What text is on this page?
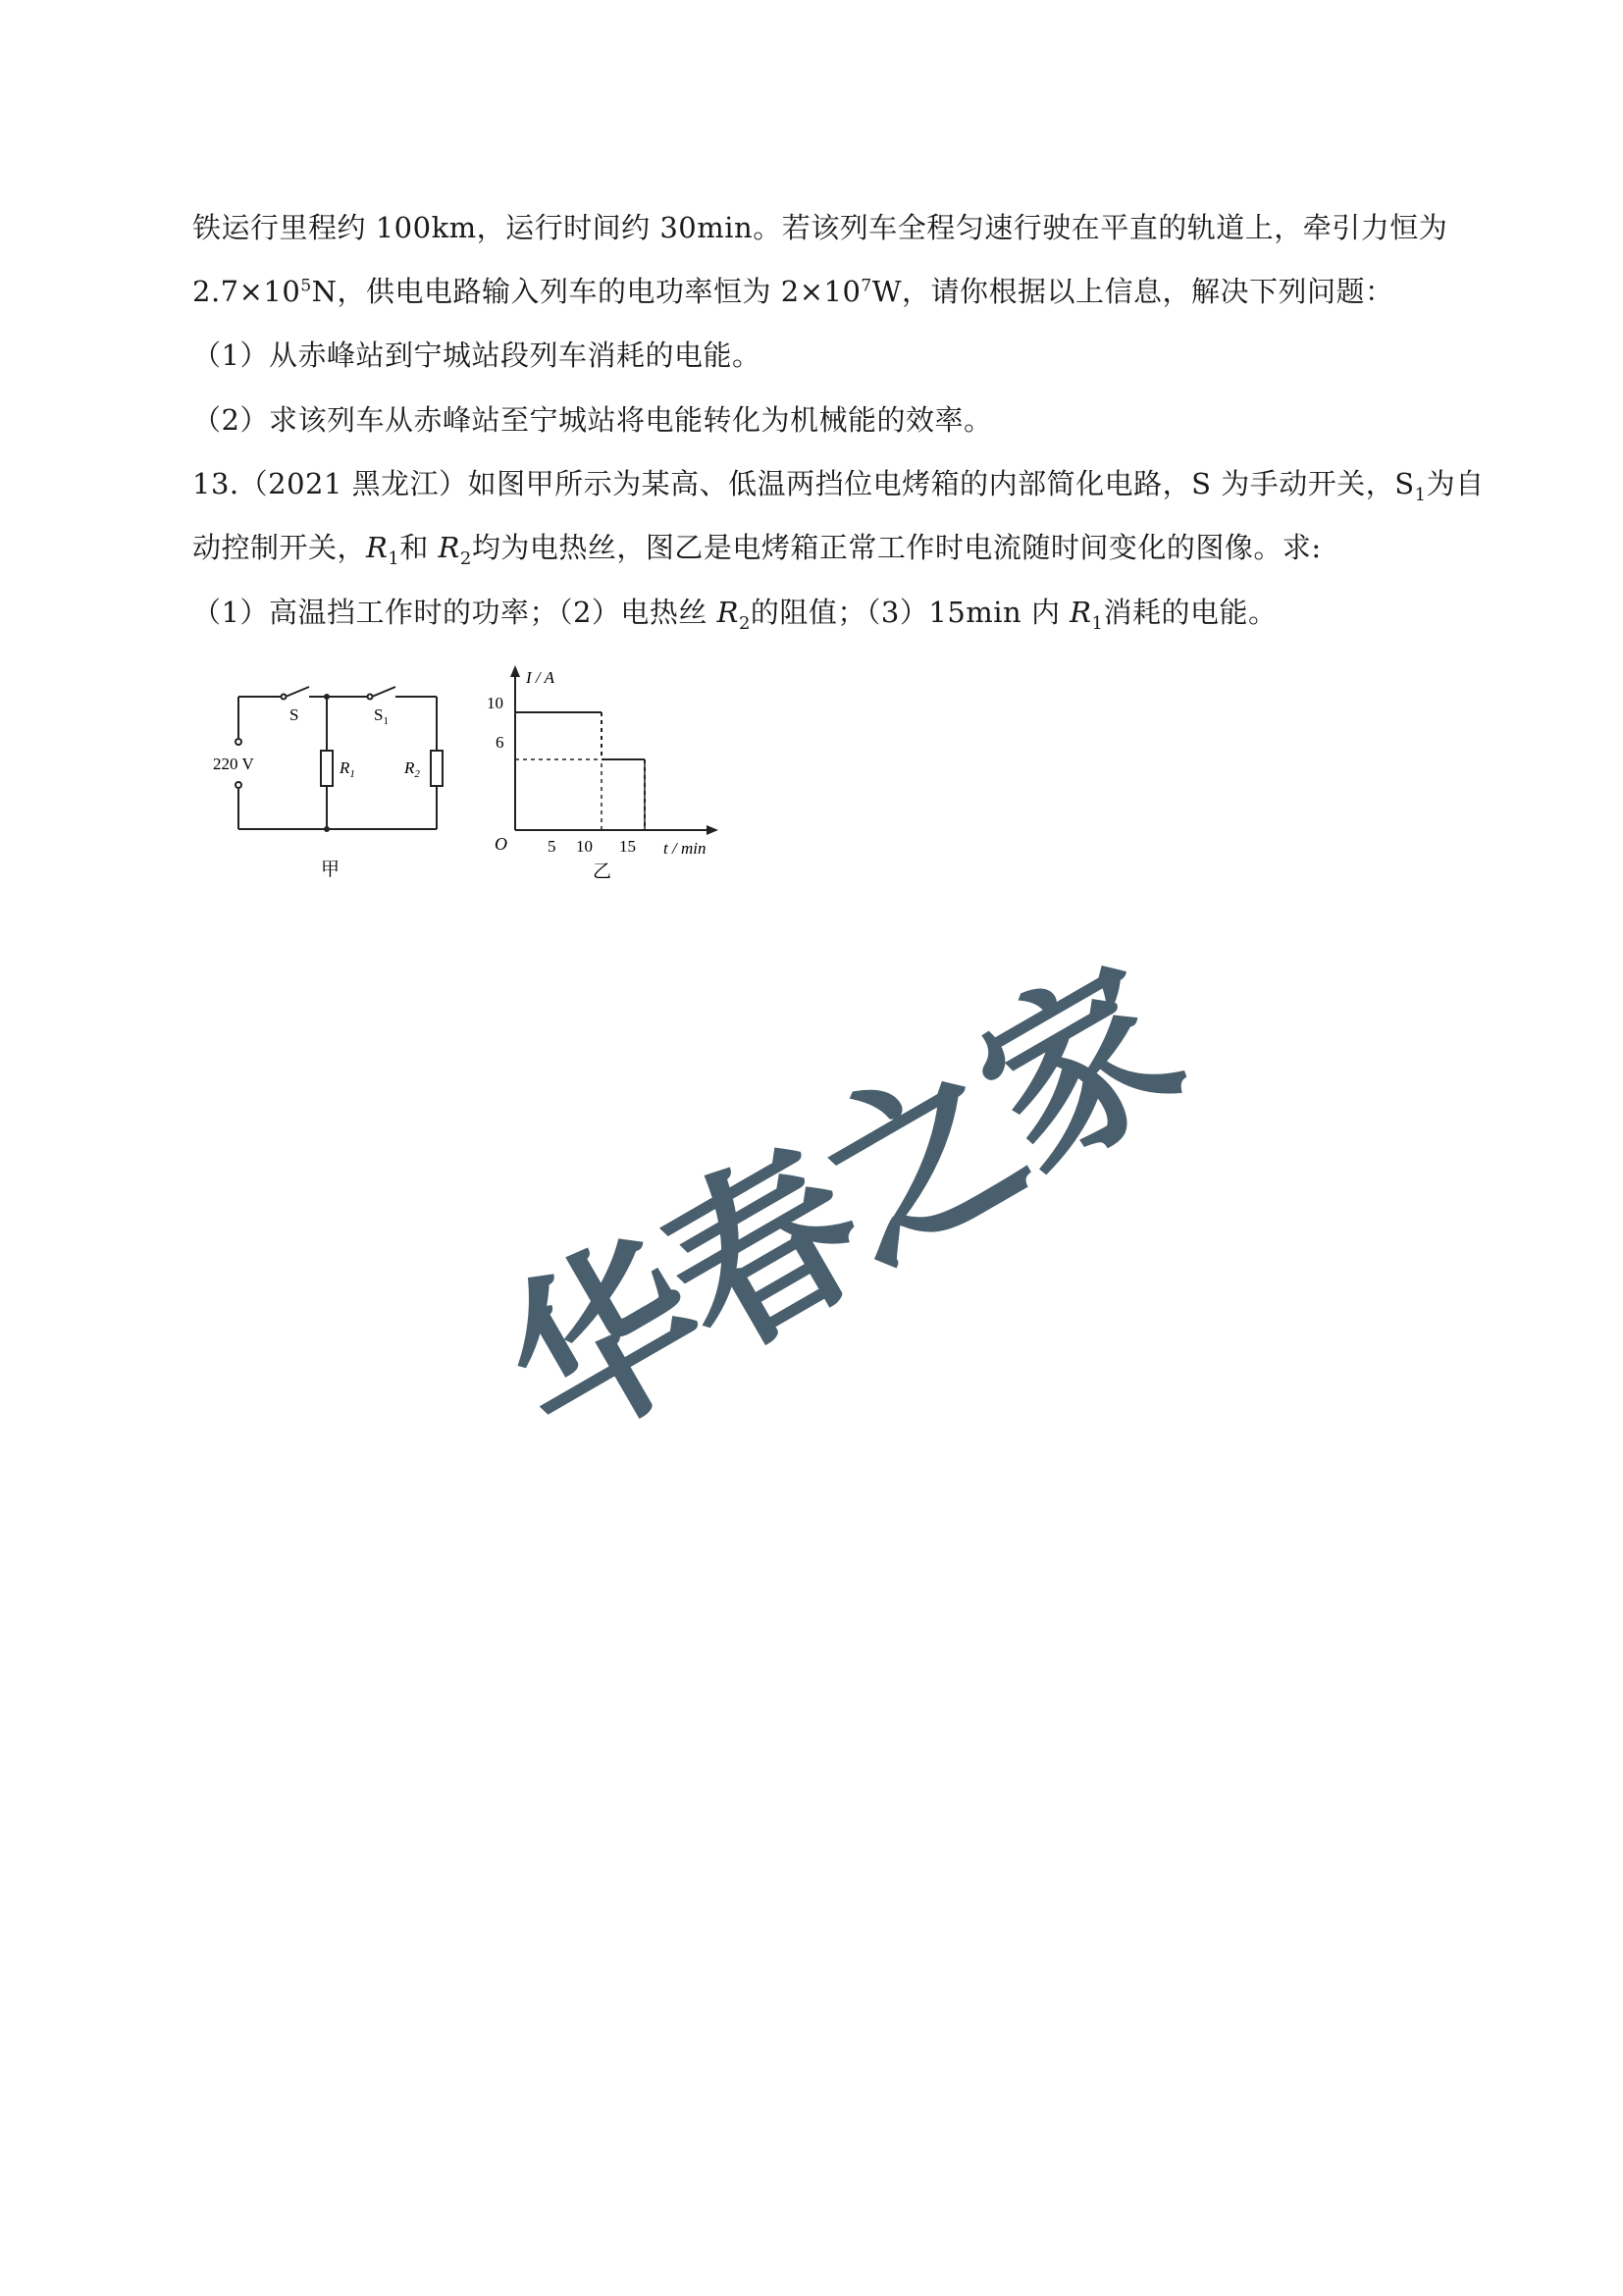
铁运行里程约 100km，运行时间约 30min。若该列车全程匀速行驶在平直的轨道上，牵引力恒为
$2.7\times 10^5N$，供电电路输入列车的电功率恒为 $2\times 10^7W$，请你根据以上信息，解决下列问题：
（1）从赤峰站到宁城站段列车消耗的电能。
（2）求该列车从赤峰站至宁城站将电能转化为机械能的效率。
13.（2021 黑龙江）如图甲所示为某高、低温两挡位电烤箱的内部简化电路，S 为手动开关，$S_1$为自
动控制开关，$R_1$和 $R_2$均为电热丝，图乙是电烤箱正常工作时电流随时间变化的图像。求:
（1）高温挡工作时的功率；（2）电热丝 $R_2$的阻值；（3）15min 内 $R_1$消耗的电能。
S	$S_1$
220 V	$R_1$	$R_2$
甲
I / A
t / min
O
10
6
5 10 15
乙
华春之家
